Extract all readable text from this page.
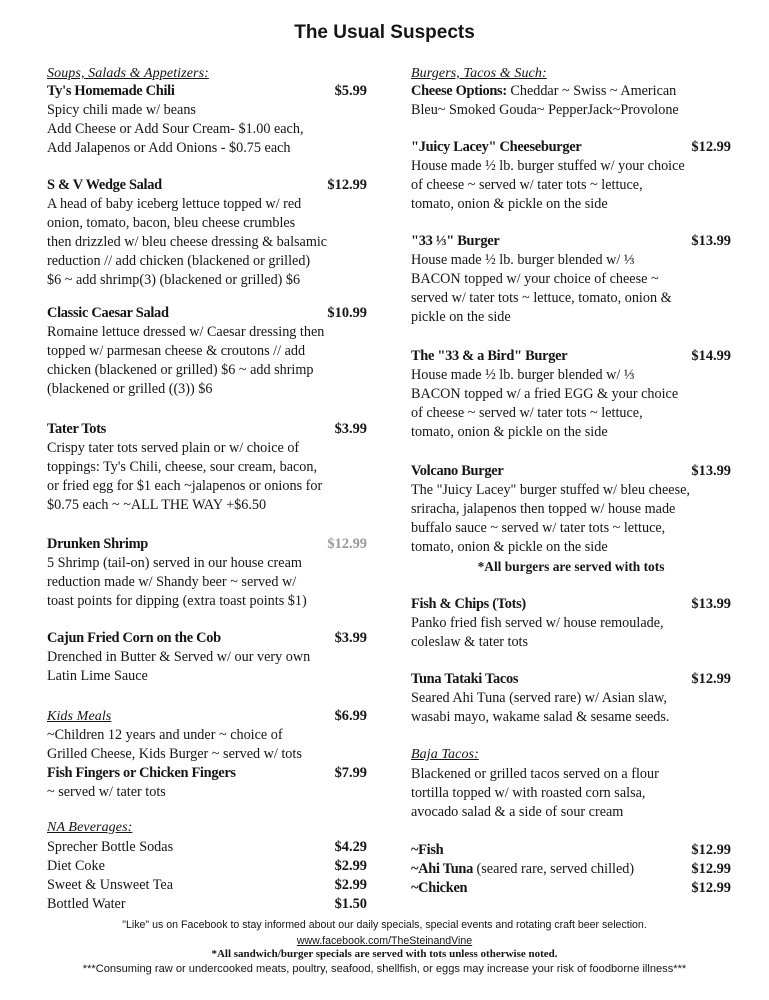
The Usual Suspects
Soups, Salads & Appetizers:
Ty's Homemade Chili	$5.99
Spicy chili made w/ beans
Add Cheese or Add Sour Cream- $1.00 each,
Add Jalapenos or Add Onions - $0.75 each
S & V Wedge Salad	$12.99
A head of baby iceberg lettuce topped w/ red
onion, tomato, bacon, bleu cheese crumbles
then drizzled w/ bleu cheese dressing & balsamic
reduction // add chicken (blackened or grilled)
$6 ~ add shrimp(3) (blackened or grilled) $6
Classic Caesar Salad	$10.99
Romaine lettuce dressed w/ Caesar dressing then
topped w/ parmesan cheese & croutons // add
chicken (blackened or grilled) $6 ~ add shrimp
(blackened or grilled ((3)) $6
Tater Tots	$3.99
Crispy tater tots served plain or w/ choice of
toppings: Ty's Chili, cheese, sour cream, bacon,
or fried egg for $1 each ~jalapenos or onions for
$0.75 each ~ ~ALL THE WAY +$6.50
Drunken Shrimp	$12.99
5 Shrimp (tail-on) served in our house cream
reduction made w/ Shandy beer ~ served w/
toast points for dipping (extra toast points $1)
Cajun Fried Corn on the Cob	$3.99
Drenched in Butter & Served w/ our very own
Latin Lime Sauce
Kids Meals	$6.99
~Children 12 years and under ~ choice of
Grilled Cheese, Kids Burger ~ served w/ tots
Fish Fingers or Chicken Fingers	$7.99
~ served w/ tater tots
NA Beverages:
Sprecher Bottle Sodas	$4.29
Diet Coke	$2.99
Sweet & Unsweet Tea	$2.99
Bottled Water	$1.50
Burgers, Tacos & Such:
Cheese Options: Cheddar ~ Swiss ~ American
Bleu~ Smoked Gouda~ PepperJack~Provolone
"Juicy Lacey" Cheeseburger	$12.99
House made ½ lb. burger stuffed w/ your choice
of cheese ~ served w/ tater tots ~ lettuce,
tomato, onion & pickle on the side
"33 ⅓" Burger	$13.99
House made ½ lb. burger blended w/ ⅓
BACON topped w/ your choice of cheese ~
served w/ tater tots ~ lettuce, tomato, onion &
pickle on the side
The "33 & a Bird" Burger	$14.99
House made ½ lb. burger blended w/ ⅓
BACON topped w/ a fried EGG & your choice
of cheese ~ served w/ tater tots ~ lettuce,
tomato, onion & pickle on the side
Volcano Burger	$13.99
The "Juicy Lacey" burger stuffed w/ bleu cheese,
sriracha, jalapenos then topped w/ house made
buffalo sauce ~ served w/ tater tots ~ lettuce,
tomato, onion & pickle on the side
*All burgers are served with tots
Fish & Chips (Tots)	$13.99
Panko fried fish served w/ house remoulade,
coleslaw & tater tots
Tuna Tataki Tacos	$12.99
Seared Ahi Tuna (served rare) w/ Asian slaw,
wasabi mayo, wakame salad & sesame seeds.
Baja Tacos:
Blackened or grilled tacos served on a flour
tortilla topped w/ with roasted corn salsa,
avocado salad & a side of sour cream
~Fish	$12.99
~Ahi Tuna (seared rare, served chilled)	$12.99
~Chicken	$12.99
"Like" us on Facebook to stay informed about our daily specials, special events and rotating craft beer selection.
www.facebook.com/TheSteinandVine
*All sandwich/burger specials are served with tots unless otherwise noted.
***Consuming raw or undercooked meats, poultry, seafood, shellfish, or eggs may increase your risk of foodborne illness***
